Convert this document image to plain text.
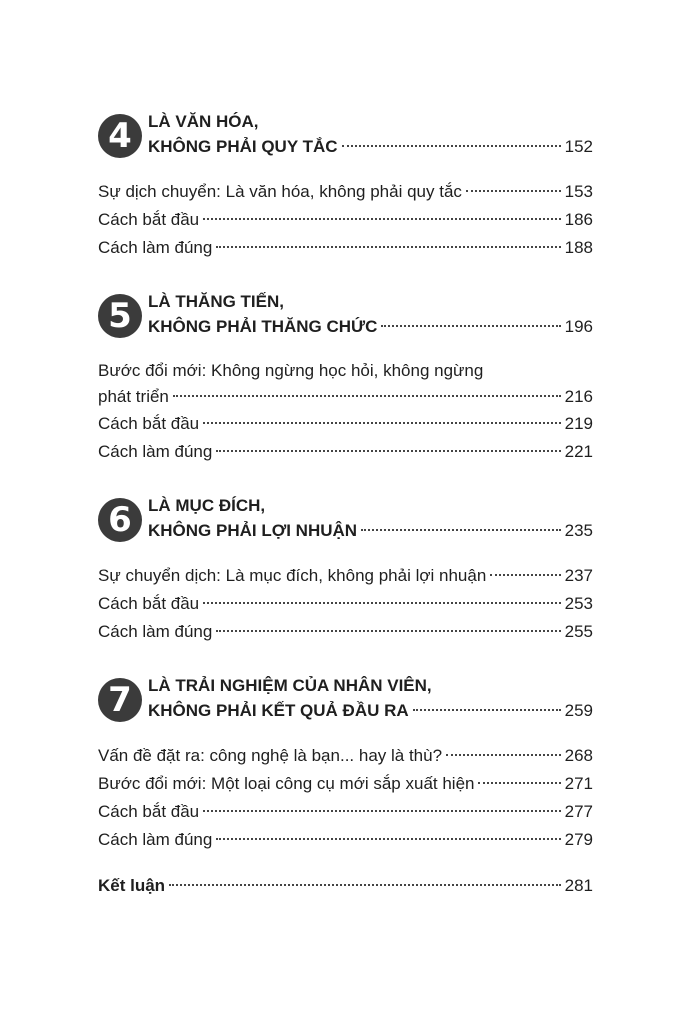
4 LÀ VĂN HÓA,
KHÔNG PHẢI QUY TẮC	152
Sự dịch chuyển: Là văn hóa, không phải quy tắc	153
Cách bắt đầu	186
Cách làm đúng	188
5 LÀ THĂNG TIẾN,
KHÔNG PHẢI THĂNG CHỨC	196
Bước đổi mới: Không ngừng học hỏi, không ngừng
phát triển	216
Cách bắt đầu	219
Cách làm đúng	221
6 LÀ MỤC ĐÍCH,
KHÔNG PHẢI LỢI NHUẬN	235
Sự chuyển dịch: Là mục đích, không phải lợi nhuận	237
Cách bắt đầu	253
Cách làm đúng	255
7 LÀ TRẢI NGHIỆM CỦA NHÂN VIÊN,
KHÔNG PHẢI KẾT QUẢ ĐẦU RA	259
Vấn đề đặt ra: công nghệ là bạn... hay là thù?	268
Bước đổi mới: Một loại công cụ mới sắp xuất hiện	271
Cách bắt đầu	277
Cách làm đúng	279
Kết luận	281
